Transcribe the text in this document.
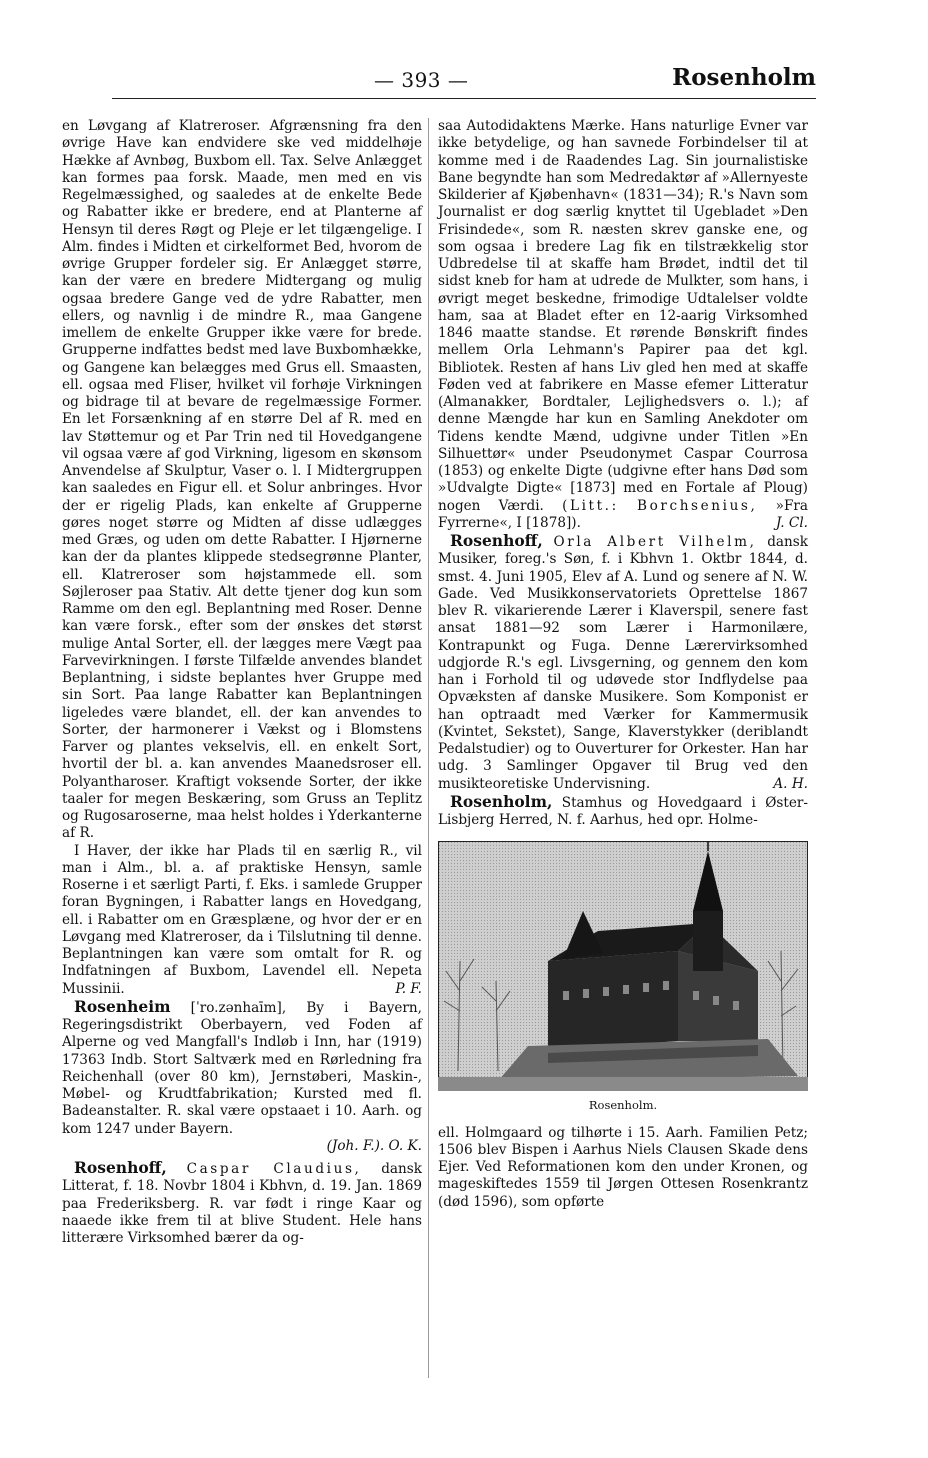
— 393 —	Rosenholm

en Løvgang af Klatreroser. Afgrænsning fra den øvrige Have kan endvidere ske ved middelhøje Hække af Avnbøg, Buxbom ell. Tax. Selve Anlægget kan formes paa forsk. Maade, men med en vis Regelmæssighed, og saaledes at de enkelte Bede og Rabatter ikke er bredere, end at Planterne af Hensyn til deres Røgt og Pleje er let tilgængelige. I Alm. findes i Midten et cirkelformet Bed, hvorom de øvrige Grupper fordeler sig. Er Anlægget større, kan der være en bredere Midtergang og mulig ogsaa bredere Gange ved de ydre Rabatter, men ellers, og navnlig i de mindre R., maa Gangene imellem de enkelte Grupper ikke være for brede. Grupperne indfattes bedst med lave Buxbomhække, og Gangene kan belægges med Grus ell. Smaasten, ell. ogsaa med Fliser, hvilket vil forhøje Virkningen og bidrage til at bevare de regelmæssige Former. En let Forsænkning af en større Del af R. med en lav Støttemur og et Par Trin ned til Hovedgangene vil ogsaa være af god Virkning, ligesom en skønsom Anvendelse af Skulptur, Vaser o. l. I Midtergruppen kan saaledes en Figur ell. et Solur anbringes. Hvor der er rigelig Plads, kan enkelte af Grupperne gøres noget større og Midten af disse udlægges med Græs, og uden om dette Rabatter. I Hjørnerne kan der da plantes klippede stedsegrønne Planter, ell. Klatreroser som højstammede ell. som Søjleroser paa Stativ. Alt dette tjener dog kun som Ramme om den egl. Beplantning med Roser. Denne kan være forsk., efter som der ønskes det størst mulige Antal Sorter, ell. der lægges mere Vægt paa Farvevirkningen. I første Tilfælde anvendes blandet Beplantning, i sidste beplantes hver Gruppe med sin Sort. Paa lange Rabatter kan Beplantningen ligeledes være blandet, ell. der kan anvendes to Sorter, der harmonerer i Vækst og i Blomstens Farver og plantes vekselvis, ell. en enkelt Sort, hvortil der bl. a. kan anvendes Maanedsroser ell. Polyantharoser. Kraftigt voksende Sorter, der ikke taaler for megen Beskæring, som Gruss an Teplitz og Rugosaroserne, maa helst holdes i Yderkanterne af R.

I Haver, der ikke har Plads til en særlig R., vil man i Alm., bl. a. af praktiske Hensyn, samle Roserne i et særligt Parti, f. Eks. i samlede Grupper foran Bygningen, i Rabatter langs en Hovedgang, ell. i Rabatter om en Græsplæne, og hvor der er en Løvgang med Klatreroser, da i Tilslutning til denne. Beplantningen kan være som omtalt for R. og Indfatningen af Buxbom, Lavendel ell. Nepeta Mussinii.	P. F.

Rosenheim [ˈro.zənhaīm], By i Bayern, Regeringsdistrikt Oberbayern, ved Foden af Alperne og ved Mangfall's Indløb i Inn, har (1919) 17363 Indb. Stort Saltværk med en Rørledning fra Reichenhall (over 80 km), Jernstøberi, Maskin-, Møbel- og Krudtfabrikation; Kursted med fl. Badeanstalter. R. skal være opstaaet i 10. Aarh. og kom 1247 under Bayern.

(Joh. F.). O. K.

Rosenhoff, Caspar Claudius, dansk Litterat, f. 18. Novbr 1804 i Kbhvn, d. 19. Jan. 1869 paa Frederiksberg. R. var født i ringe Kaar og naaede ikke frem til at blive Student. Hele hans litterære Virksomhed bærer da og-

saa Autodidaktens Mærke. Hans naturlige Evner var ikke betydelige, og han savnede Forbindelser til at komme med i de Raadendes Lag. Sin journalistiske Bane begyndte han som Medredaktør af »Allernyeste Skilderier af Kjøbenhavn« (1831—34); R.'s Navn som Journalist er dog særlig knyttet til Ugebladet »Den Frisindede«, som R. næsten skrev ganske ene, og som ogsaa i bredere Lag fik en tilstrækkelig stor Udbredelse til at skaffe ham Brødet, indtil det til sidst kneb for ham at udrede de Mulkter, som hans, i øvrigt meget beskedne, frimodige Udtalelser voldte ham, saa at Bladet efter en 12-aarig Virksomhed 1846 maatte standse. Et rørende Bønskrift findes mellem Orla Lehmann's Papirer paa det kgl. Bibliotek. Resten af hans Liv gled hen med at skaffe Føden ved at fabrikere en Masse efemer Litteratur (Almanakker, Bordtaler, Lejlighedsvers o. l.); af denne Mængde har kun en Samling Anekdoter om Tidens kendte Mænd, udgivne under Titlen »En Silhuettør« under Pseudonymet Caspar Courrosa (1853) og enkelte Digte (udgivne efter hans Død som »Udvalgte Digte« [1873] med en Fortale af Ploug) nogen Værdi. (Litt.: Borchsenius, »Fra Fyrrerne«, I [1878]).	J. Cl.

Rosenhoff, Orla Albert Vilhelm, dansk Musiker, foreg.'s Søn, f. i Kbhvn 1. Oktbr 1844, d. smst. 4. Juni 1905, Elev af A. Lund og senere af N. W. Gade. Ved Musikkonservatoriets Oprettelse 1867 blev R. vikarierende Lærer i Klaverspil, senere fast ansat 1881—92 som Lærer i Harmonilære, Kontrapunkt og Fuga. Denne Lærervirksomhed udgjorde R.'s egl. Livsgerning, og gennem den kom han i Forhold til og udøvede stor Indflydelse paa Opvæksten af danske Musikere. Som Komponist er han optraadt med Værker for Kammermusik (Kvintet, Sekstet), Sange, Klaverstykker (deriblandt Pedalstudier) og to Ouverturer for Orkester. Han har udg. 3 Samlinger Opgaver til Brug ved den musikteoretiske Undervisning.	A. H.

Rosenholm, Stamhus og Hovedgaard i Øster-Lisbjerg Herred, N. f. Aarhus, hed opr. Holme-

Rosenholm.

ell. Holmgaard og tilhørte i 15. Aarh. Familien Petz; 1506 blev Bispen i Aarhus Niels Clausen Skade dens Ejer. Ved Reformationen kom den under Kronen, og mageskiftedes 1559 til Jørgen Ottesen Rosenkrantz (død 1596), som opførte
